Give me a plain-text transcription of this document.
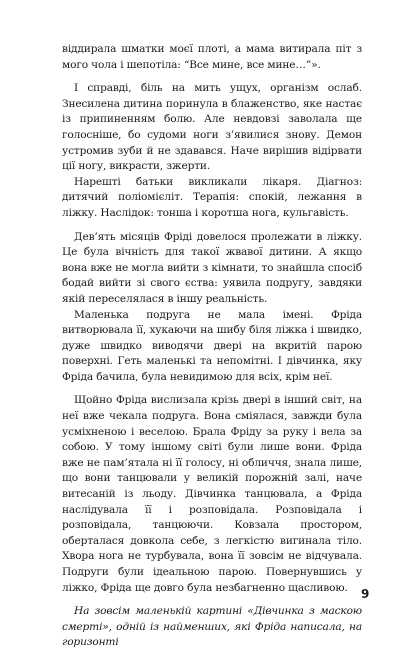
віддирала шматки моєї плоті, а мама витирала піт з мого чола і шепотіла: “Все мине, все мине…”».

І справді, біль на мить ущух, організм ослаб. Знесилена дитина поринула в блаженство, яке настає із припиненням болю. Але невдовзі заволала ще голосніше, бо судоми ноги з’явилися знову. Демон устромив зуби й не здавався. Наче вирішив відірвати ції ногу, викрасти, зжерти.

Нарешті батьки викликали лікаря. Діагноз: дитячий поліомієліт. Терапія: спокій, лежання в ліжку. Наслідок: тонша і коротша нога, кульгавість.

Дев’ять місяців Фріді довелося пролежати в ліжку. Це була вічність для такої жвавої дитини. А якщо вона вже не могла вийти з кімнати, то знайшла спосіб бодай вийти зі свого єства: уявила подругу, завдяки якій переселялася в іншу реальність.

Маленька подруга не мала імені. Фріда витворювала її, хукаючи на шибу біля ліжка і швидко, дуже швидко виводячи двері на вкритій парою поверхні. Геть маленькі та непомітні. І дівчинка, яку Фріда бачила, була невидимою для всіх, крім неї.

Щойно Фріда вислизала крізь двері в інший світ, на неї вже чекала подруга. Вона сміялася, завжди була усміхненою і веселою. Брала Фріду за руку і вела за собою. У тому іншому світі були лише вони. Фріда вже не пам’ятала ні її голосу, ні обличчя, знала лише, що вони танцювали у великій порожній залі, наче витесаній із льоду. Дівчинка танцювала, а Фріда наслідувала її і розповідала. Розповідала і розповідала, танцюючи. Ковзала простором, оберталася довкола себе, з легкістю вигинала тіло. Хвора нога не турбувала, вона її зовсім не відчувала. Подруги були ідеальною парою. Повернувшись у ліжко, Фріда ще довго була незбагненно щасливою.

На зовсім маленькій картині «Дівчинка з маскою смерті», одній із найменших, які Фріда написала, на горизонті

9
